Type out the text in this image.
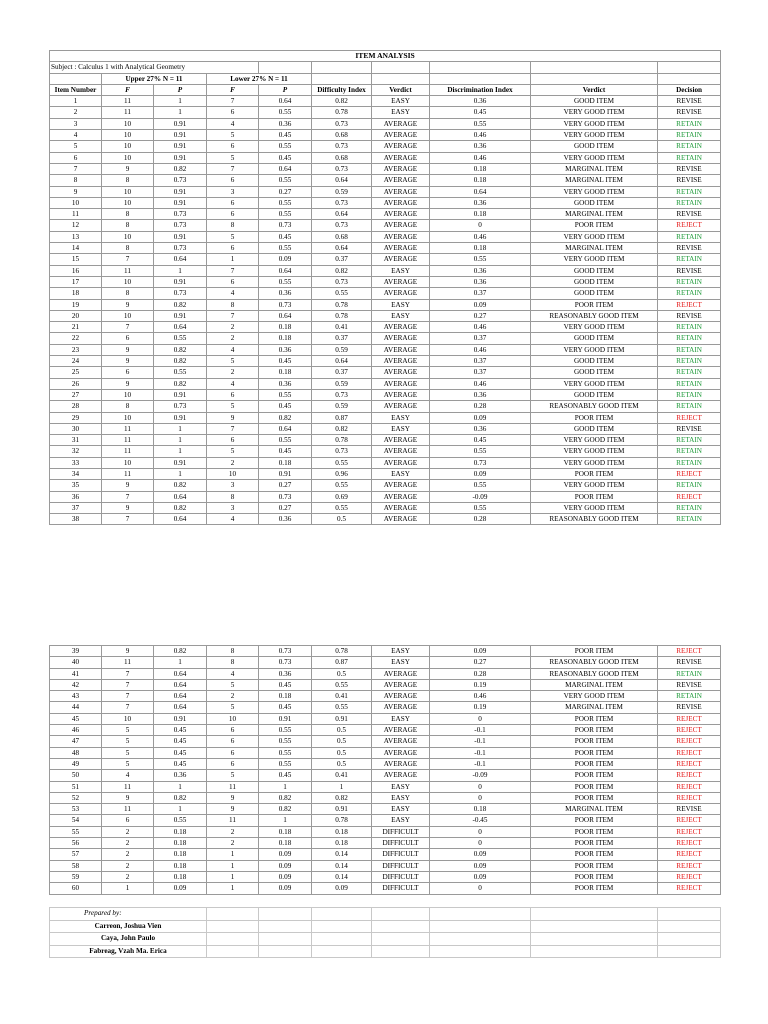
ITEM ANALYSIS									
Subject : Calculus 1 with Analytical Geometry									
	Upper 27% N = 11		Lower 27% N = 11						
Item Number	F	P	F	P	Difficulty Index	Verdict	Discrimination Index	Verdict	Decision
1	11	1	7	0.64	0.82	EASY	0.36	GOOD ITEM	REVISE
2	11	1	6	0.55	0.78	EASY	0.45	VERY GOOD ITEM	REVISE
3	10	0.91	4	0.36	0.73	AVERAGE	0.55	VERY GOOD ITEM	RETAIN
4	10	0.91	5	0.45	0.68	AVERAGE	0.46	VERY GOOD ITEM	RETAIN
5	10	0.91	6	0.55	0.73	AVERAGE	0.36	GOOD ITEM	RETAIN
6	10	0.91	5	0.45	0.68	AVERAGE	0.46	VERY GOOD ITEM	RETAIN
7	9	0.82	7	0.64	0.73	AVERAGE	0.18	MARGINAL ITEM	REVISE
8	8	0.73	6	0.55	0.64	AVERAGE	0.18	MARGINAL ITEM	REVISE
9	10	0.91	3	0.27	0.59	AVERAGE	0.64	VERY GOOD ITEM	RETAIN
10	10	0.91	6	0.55	0.73	AVERAGE	0.36	GOOD ITEM	RETAIN
11	8	0.73	6	0.55	0.64	AVERAGE	0.18	MARGINAL ITEM	REVISE
12	8	0.73	8	0.73	0.73	AVERAGE	0	POOR ITEM	REJECT
13	10	0.91	5	0.45	0.68	AVERAGE	0.46	VERY GOOD ITEM	RETAIN
14	8	0.73	6	0.55	0.64	AVERAGE	0.18	MARGINAL ITEM	REVISE
15	7	0.64	1	0.09	0.37	AVERAGE	0.55	VERY GOOD ITEM	RETAIN
16	11	1	7	0.64	0.82	EASY	0.36	GOOD ITEM	REVISE
17	10	0.91	6	0.55	0.73	AVERAGE	0.36	GOOD ITEM	RETAIN
18	8	0.73	4	0.36	0.55	AVERAGE	0.37	GOOD ITEM	RETAIN
19	9	0.82	8	0.73	0.78	EASY	0.09	POOR ITEM	REJECT
20	10	0.91	7	0.64	0.78	EASY	0.27	REASONABLY GOOD ITEM	REVISE
21	7	0.64	2	0.18	0.41	AVERAGE	0.46	VERY GOOD ITEM	RETAIN
22	6	0.55	2	0.18	0.37	AVERAGE	0.37	GOOD ITEM	RETAIN
23	9	0.82	4	0.36	0.59	AVERAGE	0.46	VERY GOOD ITEM	RETAIN
24	9	0.82	5	0.45	0.64	AVERAGE	0.37	GOOD ITEM	RETAIN
25	6	0.55	2	0.18	0.37	AVERAGE	0.37	GOOD ITEM	RETAIN
26	9	0.82	4	0.36	0.59	AVERAGE	0.46	VERY GOOD ITEM	RETAIN
27	10	0.91	6	0.55	0.73	AVERAGE	0.36	GOOD ITEM	RETAIN
28	8	0.73	5	0.45	0.59	AVERAGE	0.28	REASONABLY GOOD ITEM	RETAIN
29	10	0.91	9	0.82	0.87	EASY	0.09	POOR ITEM	REJECT
30	11	1	7	0.64	0.82	EASY	0.36	GOOD ITEM	REVISE
31	11	1	6	0.55	0.78	AVERAGE	0.45	VERY GOOD ITEM	RETAIN
32	11	1	5	0.45	0.73	AVERAGE	0.55	VERY GOOD ITEM	RETAIN
33	10	0.91	2	0.18	0.55	AVERAGE	0.73	VERY GOOD ITEM	RETAIN
34	11	1	10	0.91	0.96	EASY	0.09	POOR ITEM	REJECT
35	9	0.82	3	0.27	0.55	AVERAGE	0.55	VERY GOOD ITEM	RETAIN
36	7	0.64	8	0.73	0.69	AVERAGE	-0.09	POOR ITEM	REJECT
37	9	0.82	3	0.27	0.55	AVERAGE	0.55	VERY GOOD ITEM	RETAIN
38	7	0.64	4	0.36	0.5	AVERAGE	0.28	REASONABLY GOOD ITEM	RETAIN
39	9	0.82	8	0.73	0.78	EASY	0.09	POOR ITEM	REJECT
40	11	1	8	0.73	0.87	EASY	0.27	REASONABLY GOOD ITEM	REVISE
41	7	0.64	4	0.36	0.5	AVERAGE	0.28	REASONABLY GOOD ITEM	RETAIN
42	7	0.64	5	0.45	0.55	AVERAGE	0.19	MARGINAL ITEM	REVISE
43	7	0.64	2	0.18	0.41	AVERAGE	0.46	VERY GOOD ITEM	RETAIN
44	7	0.64	5	0.45	0.55	AVERAGE	0.19	MARGINAL ITEM	REVISE
45	10	0.91	10	0.91	0.91	EASY	0	POOR ITEM	REJECT
46	5	0.45	6	0.55	0.5	AVERAGE	-0.1	POOR ITEM	REJECT
47	5	0.45	6	0.55	0.5	AVERAGE	-0.1	POOR ITEM	REJECT
48	5	0.45	6	0.55	0.5	AVERAGE	-0.1	POOR ITEM	REJECT
49	5	0.45	6	0.55	0.5	AVERAGE	-0.1	POOR ITEM	REJECT
50	4	0.36	5	0.45	0.41	AVERAGE	-0.09	POOR ITEM	REJECT
51	11	1	11	1	1	EASY	0	POOR ITEM	REJECT
52	9	0.82	9	0.82	0.82	EASY	0	POOR ITEM	REJECT
53	11	1	9	0.82	0.91	EASY	0.18	MARGINAL ITEM	REVISE
54	6	0.55	11	1	0.78	EASY	-0.45	POOR ITEM	REJECT
55	2	0.18	2	0.18	0.18	DIFFICULT	0	POOR ITEM	REJECT
56	2	0.18	2	0.18	0.18	DIFFICULT	0	POOR ITEM	REJECT
57	2	0.18	1	0.09	0.14	DIFFICULT	0.09	POOR ITEM	REJECT
58	2	0.18	1	0.09	0.14	DIFFICULT	0.09	POOR ITEM	REJECT
59	2	0.18	1	0.09	0.14	DIFFICULT	0.09	POOR ITEM	REJECT
60	1	0.09	1	0.09	0.09	DIFFICULT	0	POOR ITEM	REJECT
Prepared by:							
Carreon, Joshua Vien							
Caya, John Paulo							
Fabreag, Vzah Ma. Erica							
